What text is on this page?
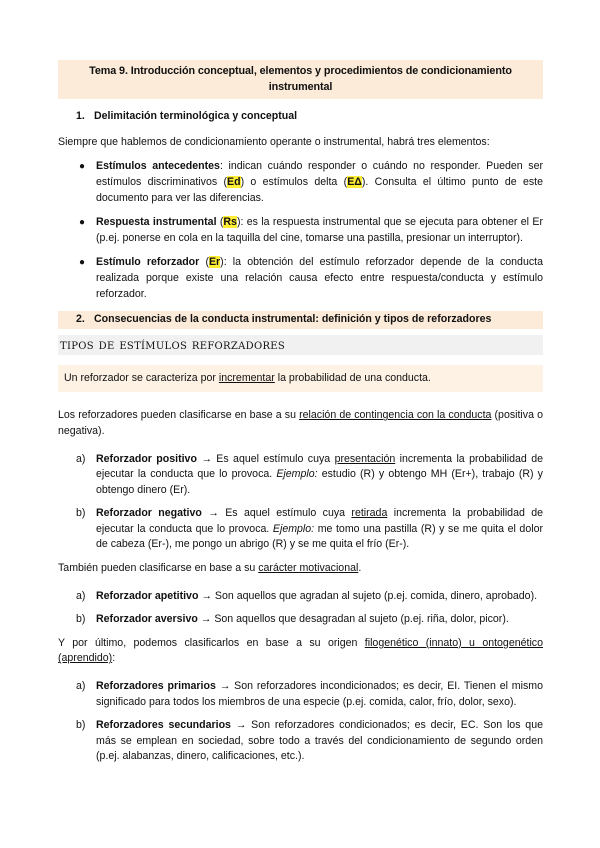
Tema 9. Introducción conceptual, elementos y procedimientos de condicionamiento instrumental
1. Delimitación terminológica y conceptual

Siempre que hablemos de condicionamiento operante o instrumental, habrá tres elementos:

● Estímulos antecedentes: indican cuándo responder o cuándo no responder. Pueden ser estímulos discriminativos (Ed) o estímulos delta (EΔ). Consulta el último punto de este documento para ver las diferencias.
● Respuesta instrumental (Rs): es la respuesta instrumental que se ejecuta para obtener el Er (p.ej. ponerse en cola en la taquilla del cine, tomarse una pastilla, presionar un interruptor).
● Estímulo reforzador (Er): la obtención del estímulo reforzador depende de la conducta realizada porque existe una relación causa efecto entre respuesta/conducta y estímulo reforzador.
2. Consecuencias de la conducta instrumental: definición y tipos de reforzadores
tipos de estímulos reforzadores
Un reforzador se caracteriza por incrementar la probabilidad de una conducta.

Los reforzadores pueden clasificarse en base a su relación de contingencia con la conducta (positiva o negativa).

a) Reforzador positivo → Es aquel estímulo cuya presentación incrementa la probabilidad de ejecutar la conducta que lo provoca. Ejemplo: estudio (R) y obtengo MH (Er+), trabajo (R) y obtengo dinero (Er).
b) Reforzador negativo → Es aquel estímulo cuya retirada incrementa la probabilidad de ejecutar la conducta que lo provoca. Ejemplo: me tomo una pastilla (R) y se me quita el dolor de cabeza (Er-), me pongo un abrigo (R) y se me quita el frío (Er-).

También pueden clasificarse en base a su carácter motivacional.

a) Reforzador apetitivo → Son aquellos que agradan al sujeto (p.ej. comida, dinero, aprobado).
b) Reforzador aversivo → Son aquellos que desagradan al sujeto (p.ej. riña, dolor, picor).

Y por último, podemos clasificarlos en base a su origen filogenético (innato) u ontogenético (aprendido):

a) Reforzadores primarios → Son reforzadores incondicionados; es decir, EI. Tienen el mismo significado para todos los miembros de una especie (p.ej. comida, calor, frío, dolor, sexo).
b) Reforzadores secundarios → Son reforzadores condicionados; es decir, EC. Son los que más se emplean en sociedad, sobre todo a través del condicionamiento de segundo orden (p.ej. alabanzas, dinero, calificaciones, etc.).
